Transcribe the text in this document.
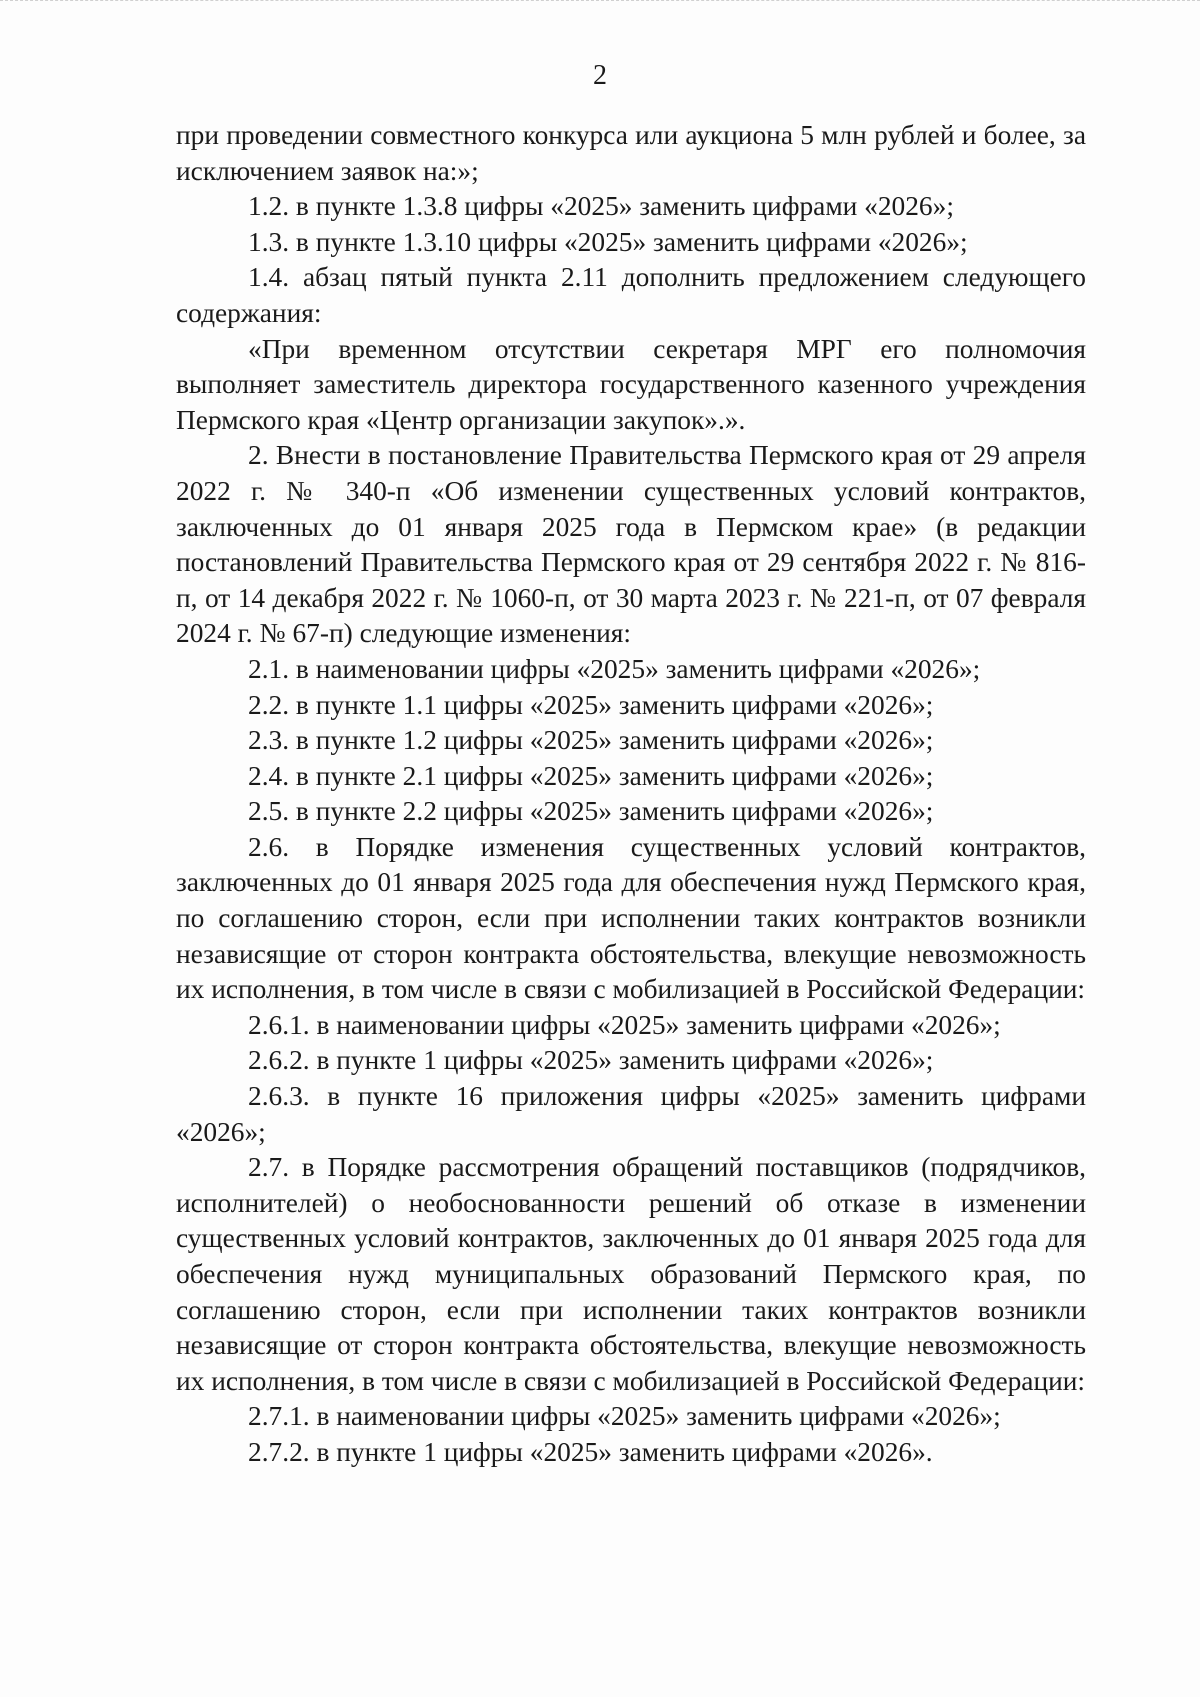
2

при проведении совместного конкурса или аукциона 5 млн рублей и более, за исключением заявок на:»;

1.2. в пункте 1.3.8 цифры «2025» заменить цифрами «2026»;

1.3. в пункте 1.3.10 цифры «2025» заменить цифрами «2026»;

1.4. абзац пятый пункта 2.11 дополнить предложением следующего содержания:

«При временном отсутствии секретаря МРГ его полномочия выполняет заместитель директора государственного казенного учреждения Пермского края «Центр организации закупок».».

2. Внести в постановление Правительства Пермского края от 29 апреля 2022 г. № 340-п «Об изменении существенных условий контрактов, заключенных до 01 января 2025 года в Пермском крае» (в редакции постановлений Правительства Пермского края от 29 сентября 2022 г. № 816-п, от 14 декабря 2022 г. № 1060-п, от 30 марта 2023 г. № 221-п, от 07 февраля 2024 г. № 67-п) следующие изменения:

2.1. в наименовании цифры «2025» заменить цифрами «2026»;

2.2. в пункте 1.1 цифры «2025» заменить цифрами «2026»;

2.3. в пункте 1.2 цифры «2025» заменить цифрами «2026»;

2.4. в пункте 2.1 цифры «2025» заменить цифрами «2026»;

2.5. в пункте 2.2 цифры «2025» заменить цифрами «2026»;

2.6. в Порядке изменения существенных условий контрактов, заключенных до 01 января 2025 года для обеспечения нужд Пермского края, по соглашению сторон, если при исполнении таких контрактов возникли независящие от сторон контракта обстоятельства, влекущие невозможность их исполнения, в том числе в связи с мобилизацией в Российской Федерации:

2.6.1. в наименовании цифры «2025» заменить цифрами «2026»;

2.6.2. в пункте 1 цифры «2025» заменить цифрами «2026»;

2.6.3. в пункте 16 приложения цифры «2025» заменить цифрами «2026»;

2.7. в Порядке рассмотрения обращений поставщиков (подрядчиков, исполнителей) о необоснованности решений об отказе в изменении существенных условий контрактов, заключенных до 01 января 2025 года для обеспечения нужд муниципальных образований Пермского края, по соглашению сторон, если при исполнении таких контрактов возникли независящие от сторон контракта обстоятельства, влекущие невозможность их исполнения, в том числе в связи с мобилизацией в Российской Федерации:

2.7.1. в наименовании цифры «2025» заменить цифрами «2026»;

2.7.2. в пункте 1 цифры «2025» заменить цифрами «2026».
